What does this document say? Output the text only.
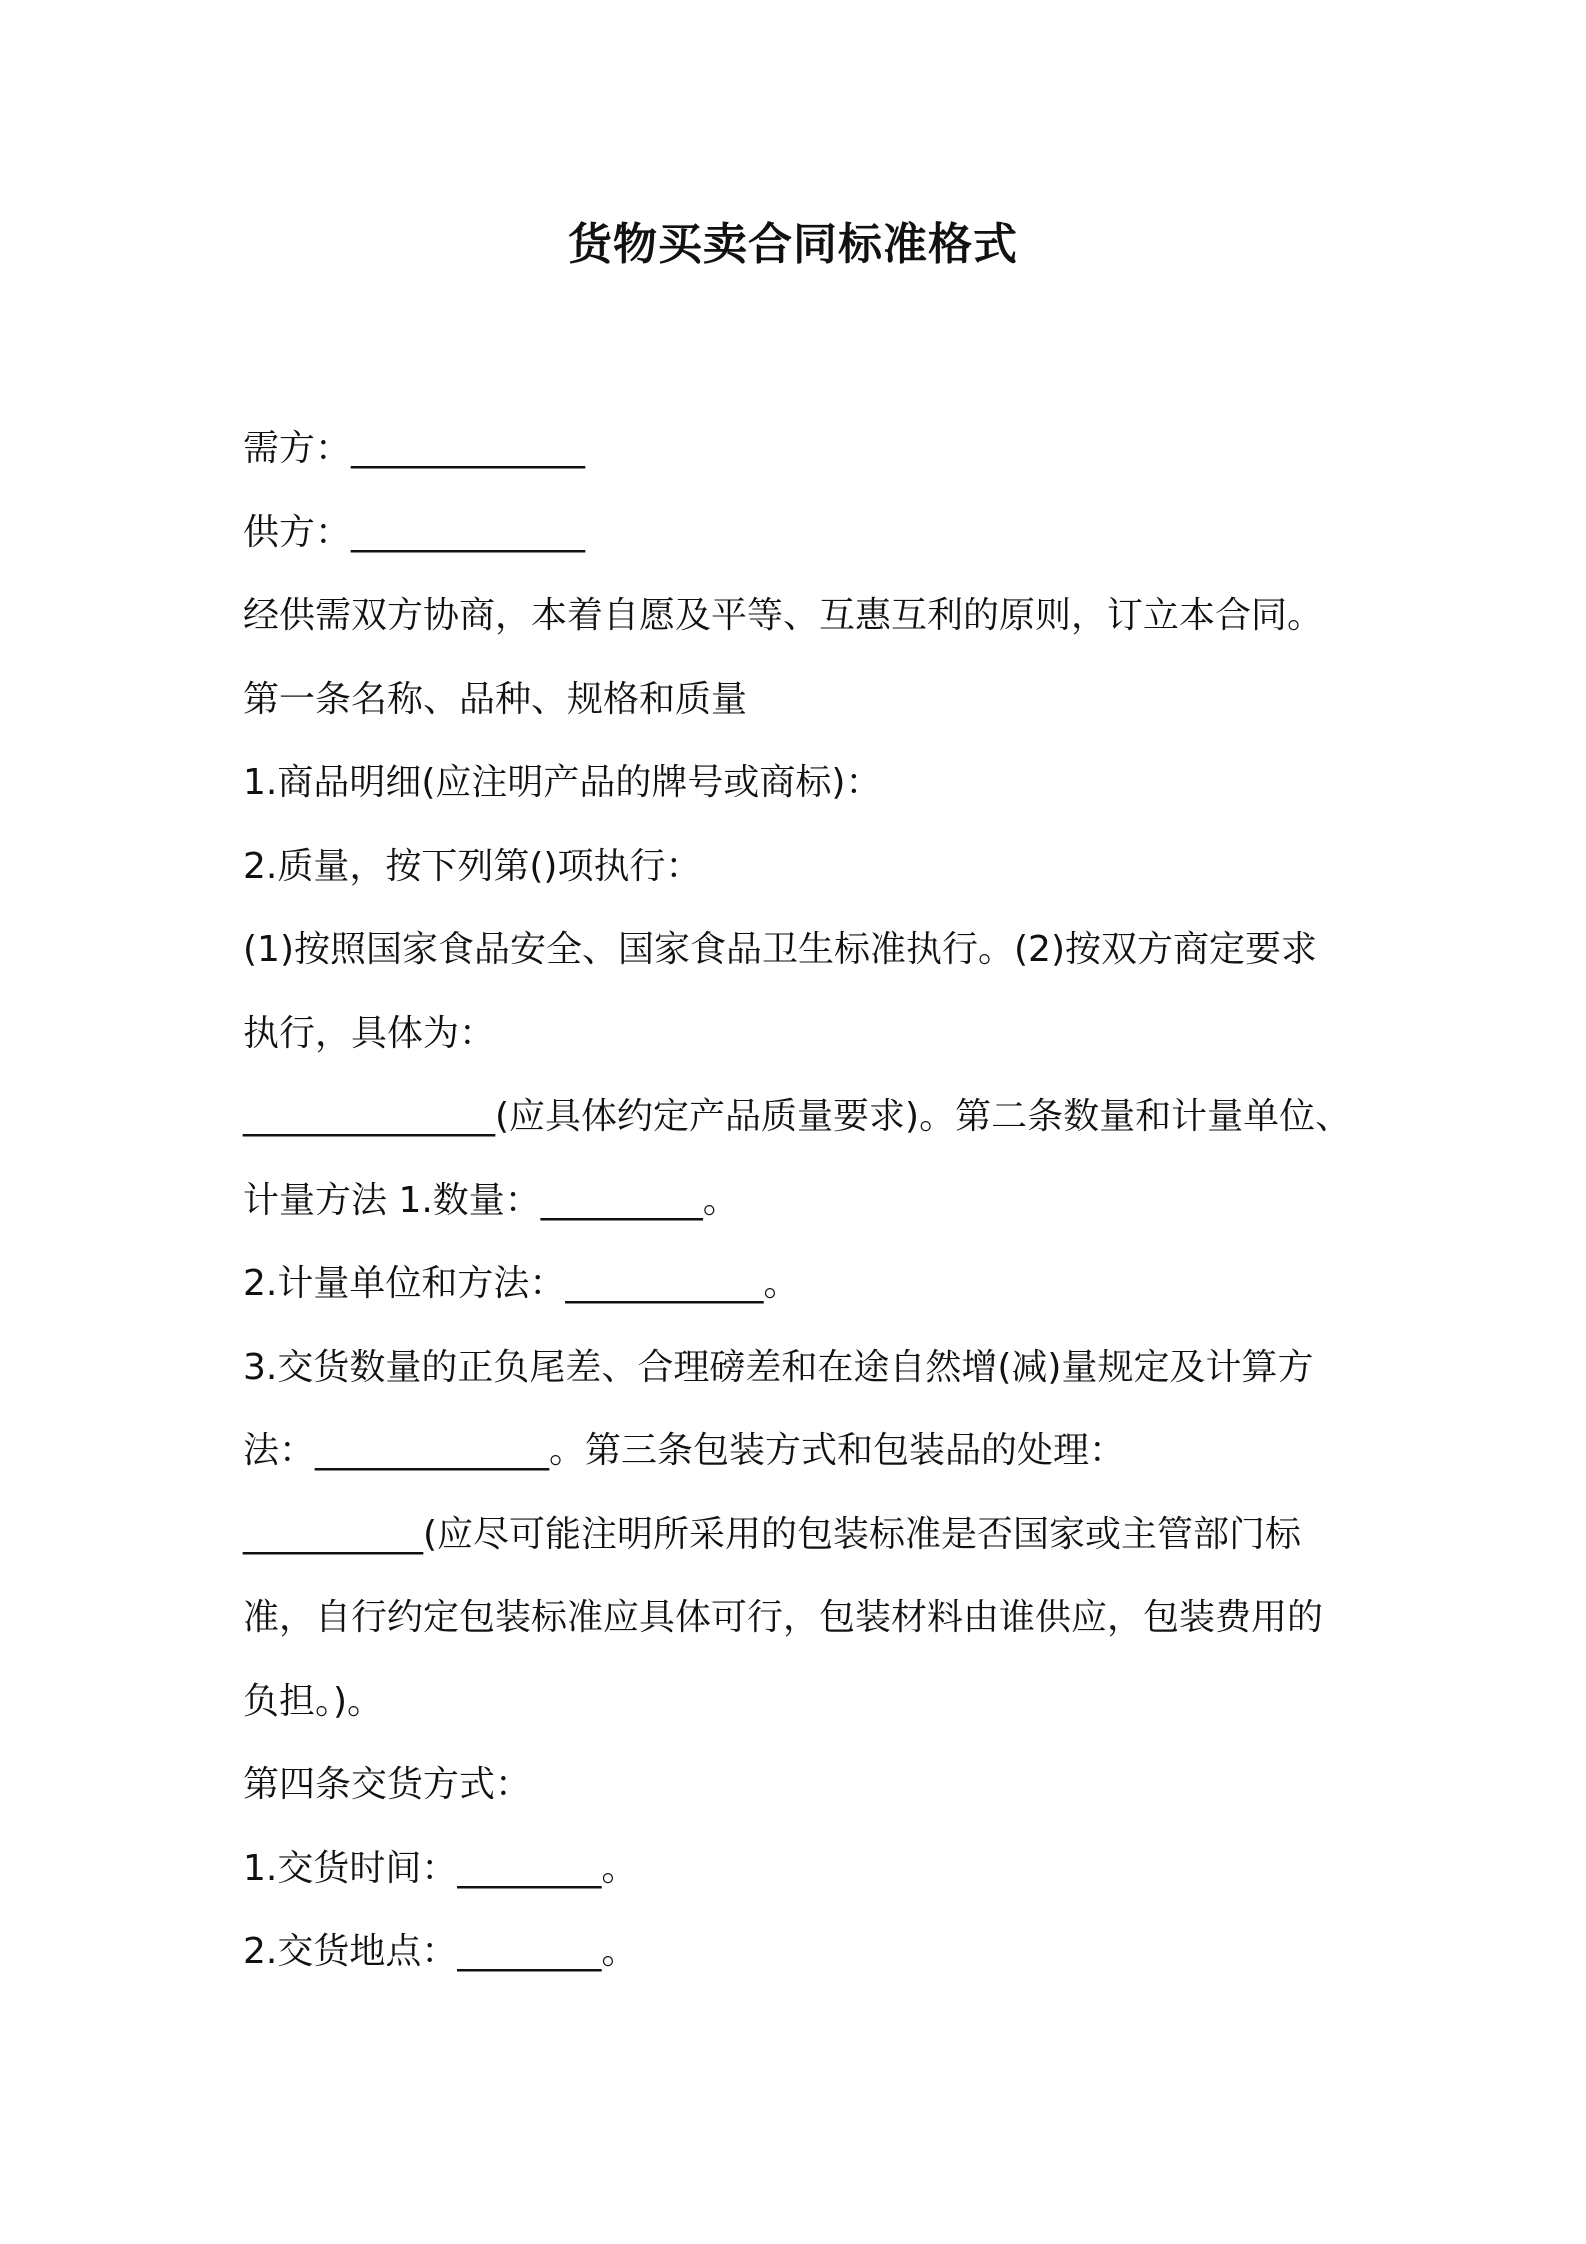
货物买卖合同标准格式
需方：_____________
供方：_____________
经供需双方协商，本着自愿及平等、互惠互利的原则，订立本合同。
第一条名称、品种、规格和质量
1.商品明细(应注明产品的牌号或商标)：
2.质量，按下列第()项执行：
(1)按照国家食品安全、国家食品卫生标准执行。(2)按双方商定要求
执行，具体为：
______________(应具体约定产品质量要求)。第二条数量和计量单位、
计量方法 1.数量：_________。
2.计量单位和方法：___________。
3.交货数量的正负尾差、合理磅差和在途自然增(减)量规定及计算方
法：_____________。第三条包装方式和包装品的处理：
__________(应尽可能注明所采用的包装标准是否国家或主管部门标
准，自行约定包装标准应具体可行，包装材料由谁供应，包装费用的
负担。)。
第四条交货方式：
1.交货时间：________。
2.交货地点：________。
